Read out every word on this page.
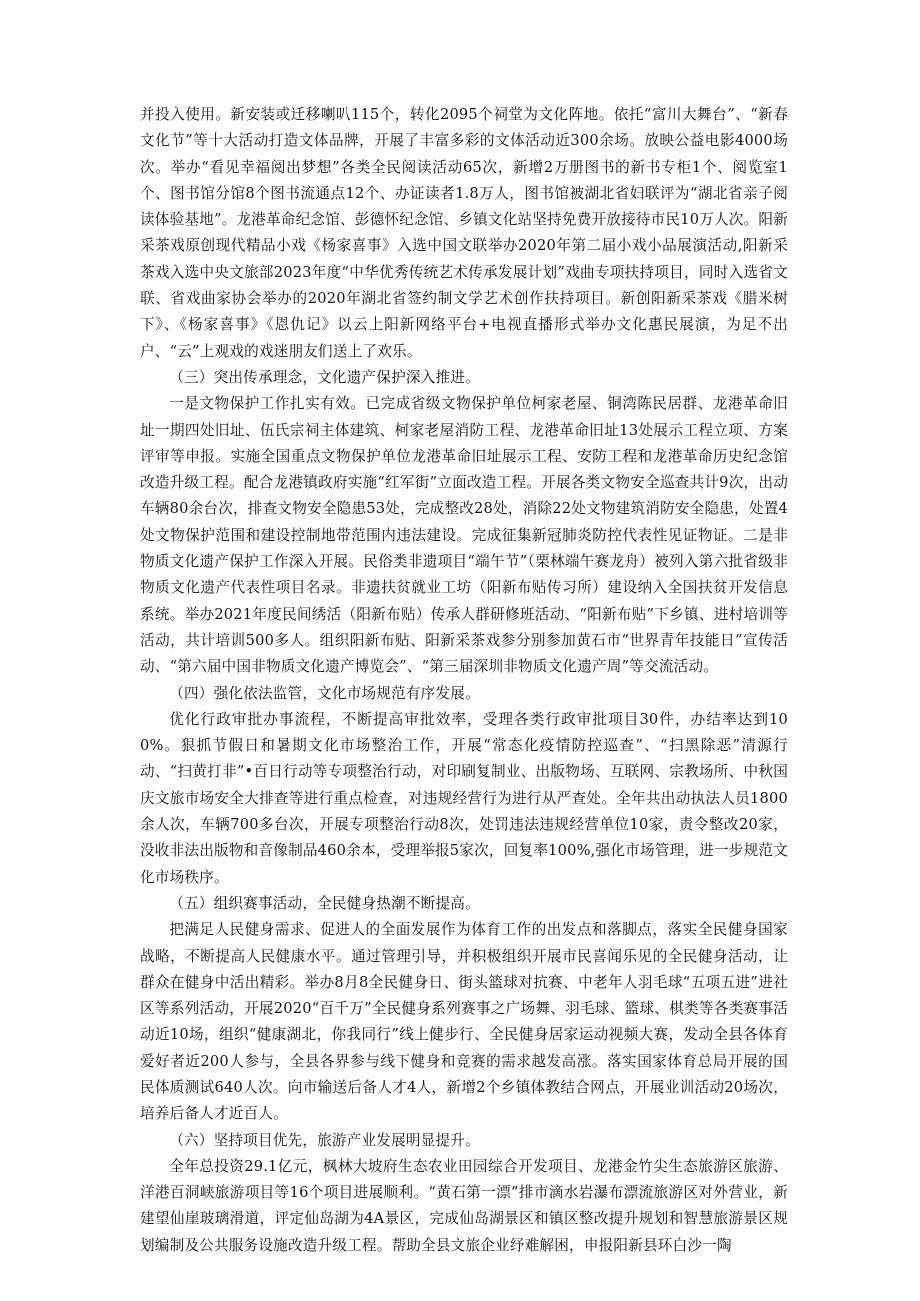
并投入使用。新安装或迁移喇叭115个，转化2095个祠堂为文化阵地。依托“富川大舞台”、“新春文化节”等十大活动打造文体品牌，开展了丰富多彩的文体活动近300余场。放映公益电影4000场次。举办“看见幸福阅出梦想”各类全民阅读活动65次，新增2万册图书的新书专柜1个、阅览室1个、图书馆分馆8个图书流通点12个、办证读者1.8万人，图书馆被湖北省妇联评为“湖北省亲子阅读体验基地”。龙港革命纪念馆、彭德怀纪念馆、乡镇文化站坚持免费开放接待市民10万人次。阳新采茶戏原创现代精品小戏《杨家喜事》入选中国文联举办2020年第二届小戏小品展演活动,阳新采茶戏入选中央文旅部2023年度“中华优秀传统艺术传承发展计划”戏曲专项扶持项目，同时入选省文联、省戏曲家协会举办的2020年湖北省签约制文学艺术创作扶持项目。新创阳新采茶戏《腊米树下》、《杨家喜事》《恩仇记》以云上阳新网络平台+电视直播形式举办文化惠民展演，为足不出户、“云”上观戏的戏迷朋友们送上了欢乐。

（三）突出传承理念，文化遗产保护深入推进。

一是文物保护工作扎实有效。已完成省级文物保护单位柯家老屋、铜湾陈民居群、龙港革命旧址一期四处旧址、伍氏宗祠主体建筑、柯家老屋消防工程、龙港革命旧址13处展示工程立项、方案评审等申报。实施全国重点文物保护单位龙港革命旧址展示工程、安防工程和龙港革命历史纪念馆改造升级工程。配合龙港镇政府实施“红军街”立面改造工程。开展各类文物安全巡查共计9次，出动车辆80余台次，排查文物安全隐患53处，完成整改28处，消除22处文物建筑消防安全隐患，处置4处文物保护范围和建设控制地带范围内违法建设。完成征集新冠肺炎防控代表性见证物证。二是非物质文化遗产保护工作深入开展。民俗类非遗项目“端午节”（栗林端午赛龙舟）被列入第六批省级非物质文化遗产代表性项目名录。非遗扶贫就业工坊（阳新布贴传习所）建设纳入全国扶贫开发信息系统。举办2021年度民间绣活（阳新布贴）传承人群研修班活动、“阳新布贴”下乡镇、进村培训等活动，共计培训500多人。组织阳新布贴、阳新采茶戏参分别参加黄石市“世界青年技能日”宣传活动、“第六届中国非物质文化遗产博览会”、“第三届深圳非物质文化遗产周”等交流活动。

（四）强化依法监管，文化市场规范有序发展。

优化行政审批办事流程，不断提高审批效率，受理各类行政审批项目30件，办结率达到100%。狠抓节假日和暑期文化市场整治工作，开展“常态化疫情防控巡查”、“扫黑除恶”清源行动、“扫黄打非”•百日行动等专项整治行动，对印刷复制业、出版物场、互联网、宗教场所、中秋国庆文旅市场安全大排查等进行重点检查，对违规经营行为进行从严查处。全年共出动执法人员1800余人次，车辆700多台次，开展专项整治行动8次，处罚违法违规经营单位10家，责令整改20家，没收非法出版物和音像制品460余本，受理举报5家次，回复率100%,强化市场管理，进一步规范文化市场秩序。

（五）组织赛事活动，全民健身热潮不断提高。

把满足人民健身需求、促进人的全面发展作为体育工作的出发点和落脚点，落实全民健身国家战略，不断提高人民健康水平。通过管理引导，并积极组织开展市民喜闻乐见的全民健身活动，让群众在健身中活出精彩。举办8月8全民健身日、街头篮球对抗赛、中老年人羽毛球“五项五进”进社区等系列活动，开展2020“百千万”全民健身系列赛事之广场舞、羽毛球、篮球、棋类等各类赛事活动近10场，组织“健康湖北，你我同行”线上健步行、全民健身居家运动视频大赛，发动全县各体育爱好者近200人参与，全县各界参与线下健身和竞赛的需求越发高涨。落实国家体育总局开展的国民体质测试640人次。向市输送后备人才4人，新增2个乡镇体教结合网点，开展业训活动20场次，培养后备人才近百人。

（六）坚持项目优先，旅游产业发展明显提升。

全年总投资29.1亿元，枫林大坡府生态农业田园综合开发项目、龙港金竹尖生态旅游区旅游、洋港百洞峡旅游项目等16个项目进展顺利。“黄石第一漂”排市滴水岩瀑布漂流旅游区对外营业，新建望仙崖玻璃滑道，评定仙岛湖为4A景区，完成仙岛湖景区和镇区整改提升规划和智慧旅游景区规划编制及公共服务设施改造升级工程。帮助全县文旅企业纾难解困，申报阳新县环白沙一陶
